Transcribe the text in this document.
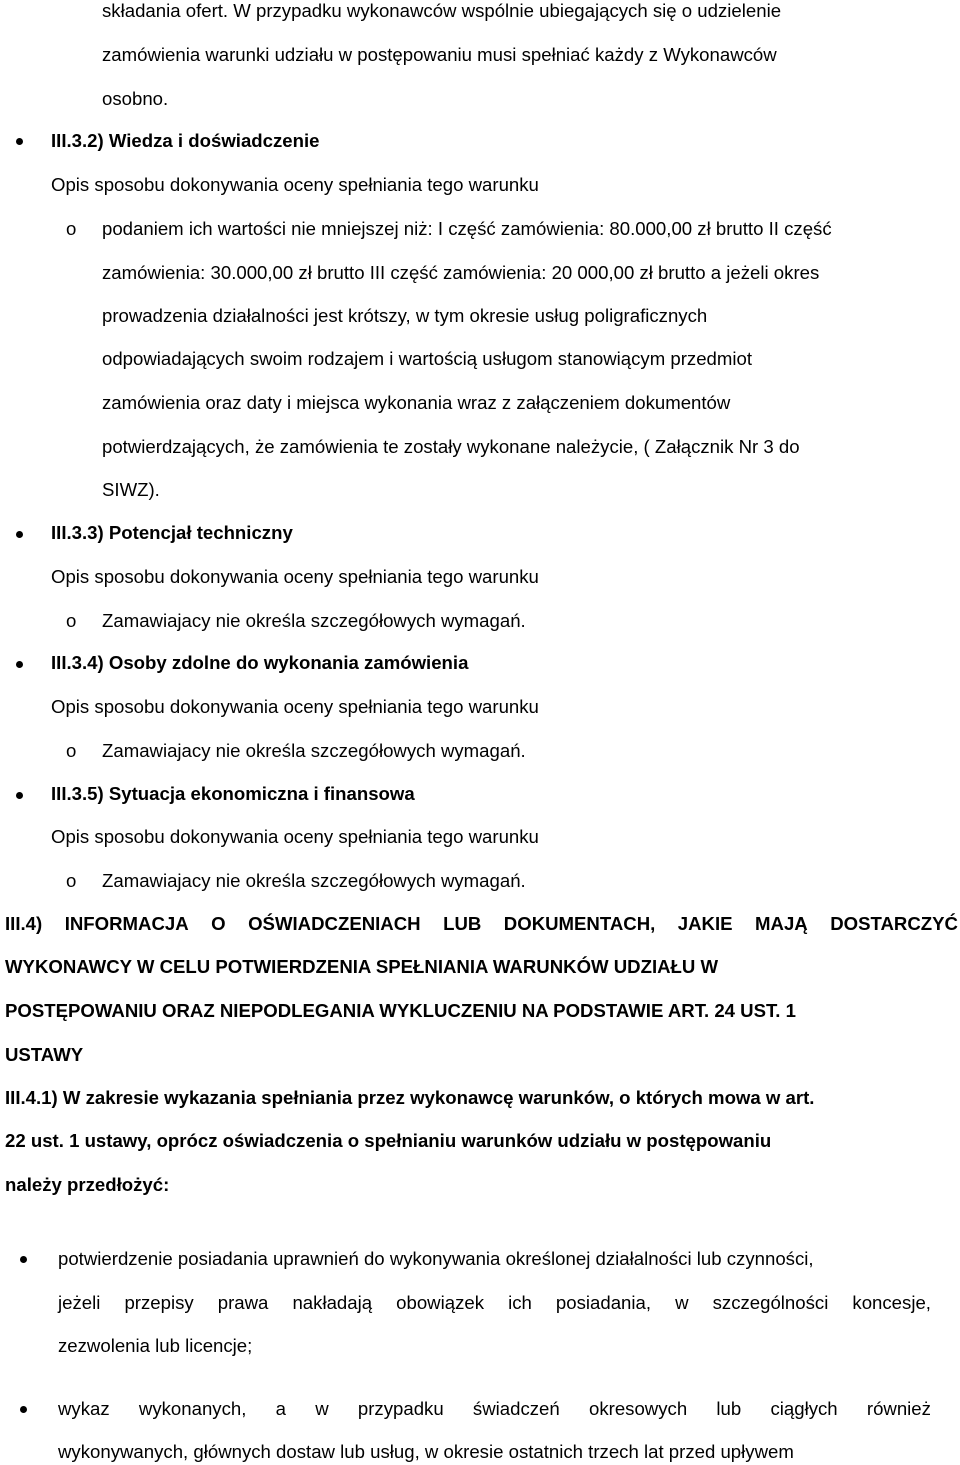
składania ofert. W przypadku wykonawców wspólnie ubiegających się o udzielenie
zamówienia warunki udziału w postępowaniu musi spełniać każdy z Wykonawców
osobno.
III.3.2) Wiedza i doświadczenie
Opis sposobu dokonywania oceny spełniania tego warunku
o podaniem ich wartości nie mniejszej niż: I część zamówienia: 80.000,00 zł brutto II część
zamówienia: 30.000,00 zł brutto III część zamówienia: 20 000,00 zł brutto a jeżeli okres
prowadzenia działalności jest krótszy, w tym okresie usług poligraficznych
odpowiadających swoim rodzajem i wartością usługom stanowiącym przedmiot
zamówienia oraz daty i miejsca wykonania wraz z załączeniem dokumentów
potwierdzających, że zamówienia te zostały wykonane należycie, ( Załącznik Nr 3 do
SIWZ).
III.3.3) Potencjał techniczny
Opis sposobu dokonywania oceny spełniania tego warunku
o Zamawiajacy nie określa szczegółowych wymagań.
III.3.4) Osoby zdolne do wykonania zamówienia
Opis sposobu dokonywania oceny spełniania tego warunku
o Zamawiajacy nie określa szczegółowych wymagań.
III.3.5) Sytuacja ekonomiczna i finansowa
Opis sposobu dokonywania oceny spełniania tego warunku
o Zamawiajacy nie określa szczegółowych wymagań.
III.4) INFORMACJA O OŚWIADCZENIACH LUB DOKUMENTACH, JAKIE MAJĄ DOSTARCZYĆ
WYKONAWCY W CELU POTWIERDZENIA SPEŁNIANIA WARUNKÓW UDZIAŁU W
POSTĘPOWANIU ORAZ NIEPODLEGANIA WYKLUCZENIU NA PODSTAWIE ART. 24 UST. 1
USTAWY
III.4.1) W zakresie wykazania spełniania przez wykonawcę warunków, o których mowa w art.
22 ust. 1 ustawy, oprócz oświadczenia o spełnianiu warunków udziału w postępowaniu
należy przedłożyć:
potwierdzenie posiadania uprawnień do wykonywania określonej działalności lub czynności,
jeżeli przepisy prawa nakładają obowiązek ich posiadania, w szczególności koncesje,
zezwolenia lub licencje;
wykaz wykonanych, a w przypadku świadczeń okresowych lub ciągłych również
wykonywanych, głównych dostaw lub usług, w okresie ostatnich trzech lat przed upływem
